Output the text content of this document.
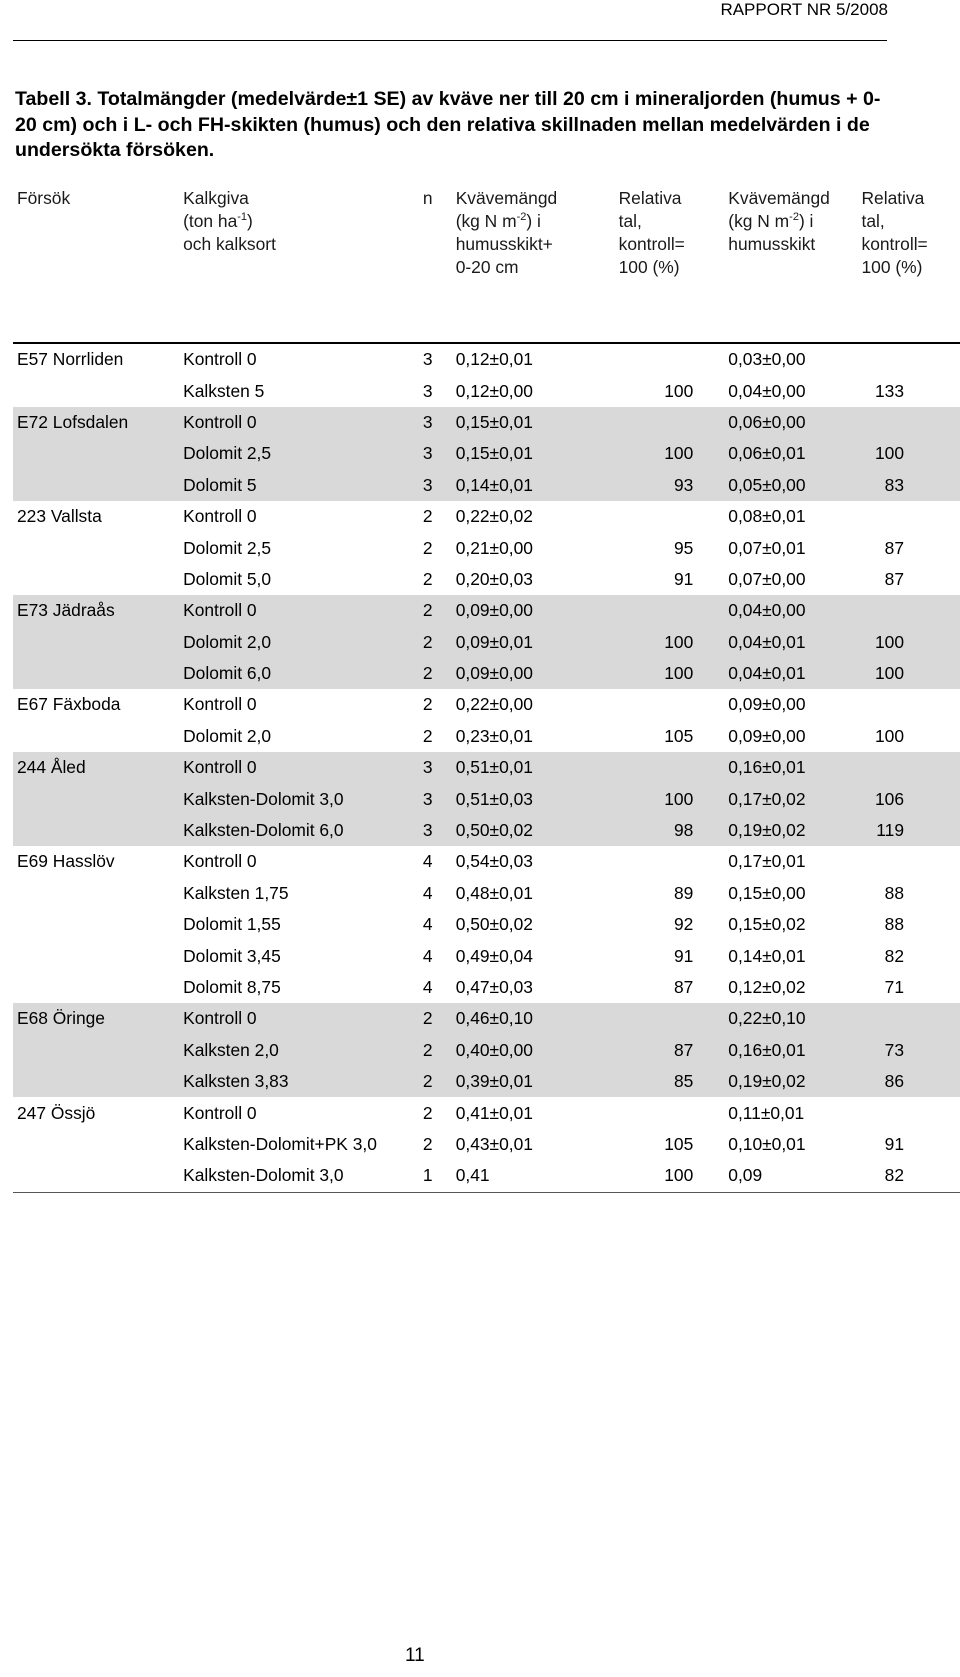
RAPPORT NR 5/2008
Tabell 3. Totalmängder (medelvärde±1 SE) av kväve ner till 20 cm i mineraljorden (humus + 0-20 cm) och i L- och FH-skikten (humus) och den relativa skillnaden mellan medelvärden i de undersökta försöken.
Försök	Kalkgiva
(ton $ha^{-1}$)
och kalksort	n	Kvävemängd
(kg N $m^{-2}$) i
humusskikt+
0-20 cm	Relativa
tal,
kontroll=
100 (%)	Kvävemängd
(kg N $m^{-2}$) i
humusskikt	Relativa
tal,
kontroll=
100 (%)

E57 Norrliden	Kontroll 0	3	0,12±0,01		0,03±0,00	
	Kalksten 5	3	0,12±0,00	100	0,04±0,00	133
E72 Lofsdalen	Kontroll 0	3	0,15±0,01		0,06±0,00	
	Dolomit 2,5	3	0,15±0,01	100	0,06±0,01	100
	Dolomit 5	3	0,14±0,01	93	0,05±0,00	83
223 Vallsta	Kontroll 0	2	0,22±0,02		0,08±0,01	
	Dolomit 2,5	2	0,21±0,00	95	0,07±0,01	87
	Dolomit 5,0	2	0,20±0,03	91	0,07±0,00	87
E73 Jädraås	Kontroll 0	2	0,09±0,00		0,04±0,00	
	Dolomit 2,0	2	0,09±0,01	100	0,04±0,01	100
	Dolomit 6,0	2	0,09±0,00	100	0,04±0,01	100
E67 Fäxboda	Kontroll 0	2	0,22±0,00		0,09±0,00	
	Dolomit 2,0	2	0,23±0,01	105	0,09±0,00	100
244 Åled	Kontroll 0	3	0,51±0,01		0,16±0,01	
	Kalksten-Dolomit 3,0	3	0,51±0,03	100	0,17±0,02	106
	Kalksten-Dolomit 6,0	3	0,50±0,02	98	0,19±0,02	119
E69 Hasslöv	Kontroll 0	4	0,54±0,03		0,17±0,01	
	Kalksten 1,75	4	0,48±0,01	89	0,15±0,00	88
	Dolomit 1,55	4	0,50±0,02	92	0,15±0,02	88
	Dolomit 3,45	4	0,49±0,04	91	0,14±0,01	82
	Dolomit 8,75	4	0,47±0,03	87	0,12±0,02	71
E68 Öringe	Kontroll 0	2	0,46±0,10		0,22±0,10	
	Kalksten 2,0	2	0,40±0,00	87	0,16±0,01	73
	Kalksten 3,83	2	0,39±0,01	85	0,19±0,02	86
247 Össjö	Kontroll 0	2	0,41±0,01		0,11±0,01	
	Kalksten-Dolomit+PK 3,0	2	0,43±0,01	105	0,10±0,01	91
	Kalksten-Dolomit 3,0	1	0,41	100	0,09	82

11
